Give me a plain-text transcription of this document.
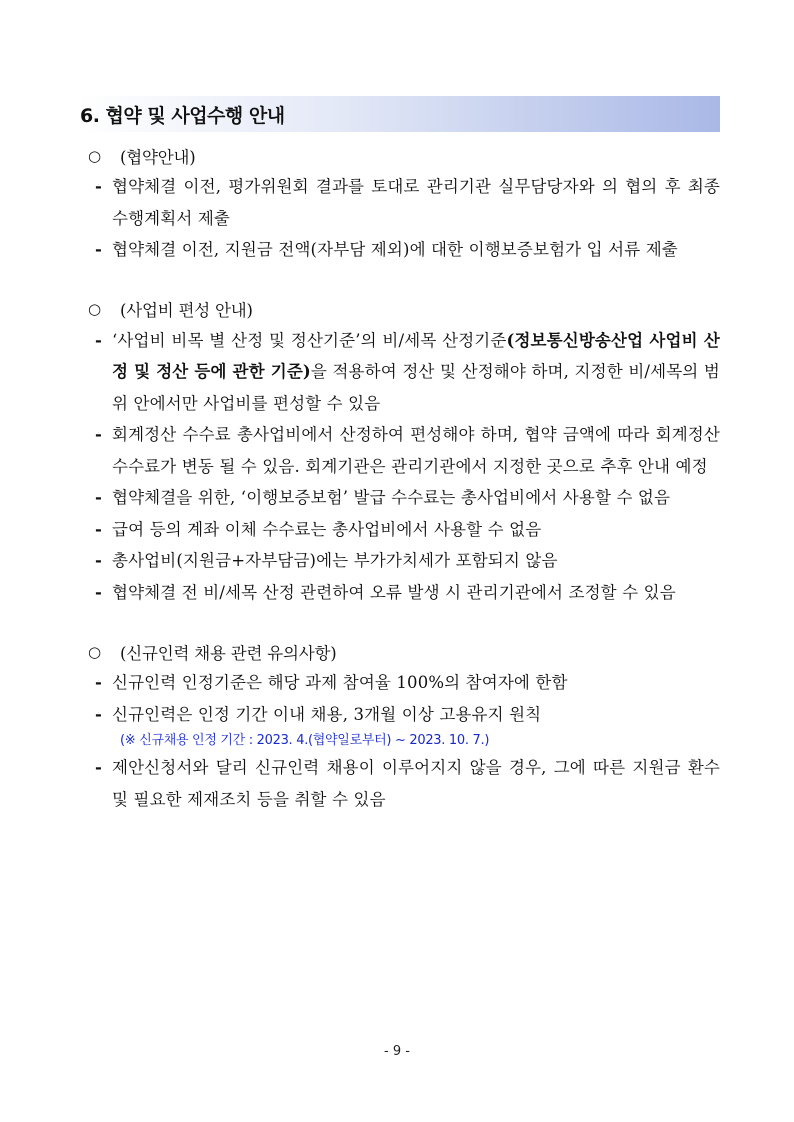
6. 협약 및 사업수행 안내
○	(협약안내)
- 협약체결 이전, 평가위원회 결과를 토대로 관리기관 실무담당자와 의 협의 후 최종 수행계획서 제출
- 협약체결 이전, 지원금 전액(자부담 제외)에 대한 이행보증보험가 입 서류 제출
○	(사업비 편성 안내)
- ‘사업비 비목 별 산정 및 정산기준’의 비/세목 산정기준(정보통신방송산업 사업비 산정 및 정산 등에 관한 기준)을 적용하여 정산 및 산정해야 하며, 지정한 비/세목의 범위 안에서만 사업비를 편성할 수 있음
- 회계정산 수수료 총사업비에서 산정하여 편성해야 하며, 협약 금액에 따라 회계정산 수수료가 변동 될 수 있음. 회계기관은 관리기관에서 지정한 곳으로 추후 안내 예정
- 협약체결을 위한, ‘이행보증보험’ 발급 수수료는 총사업비에서 사용할 수 없음
- 급여 등의 계좌 이체 수수료는 총사업비에서 사용할 수 없음
- 총사업비(지원금+자부담금)에는 부가가치세가 포함되지 않음
- 협약체결 전 비/세목 산정 관련하여 오류 발생 시 관리기관에서 조정할 수 있음
○	(신규인력 채용 관련 유의사항)
- 신규인력 인정기준은 해당 과제 참여율 100%의 참여자에 한함
- 신규인력은 인정 기간 이내 채용, 3개월 이상 고용유지 원칙
(※ 신규채용 인정 기간 : 2023. 4.(협약일로부터) ~ 2023. 10. 7.)
- 제안신청서와 달리 신규인력 채용이 이루어지지 않을 경우, 그에 따른 지원금 환수 및 필요한 제재조치 등을 취할 수 있음
- 9 -
